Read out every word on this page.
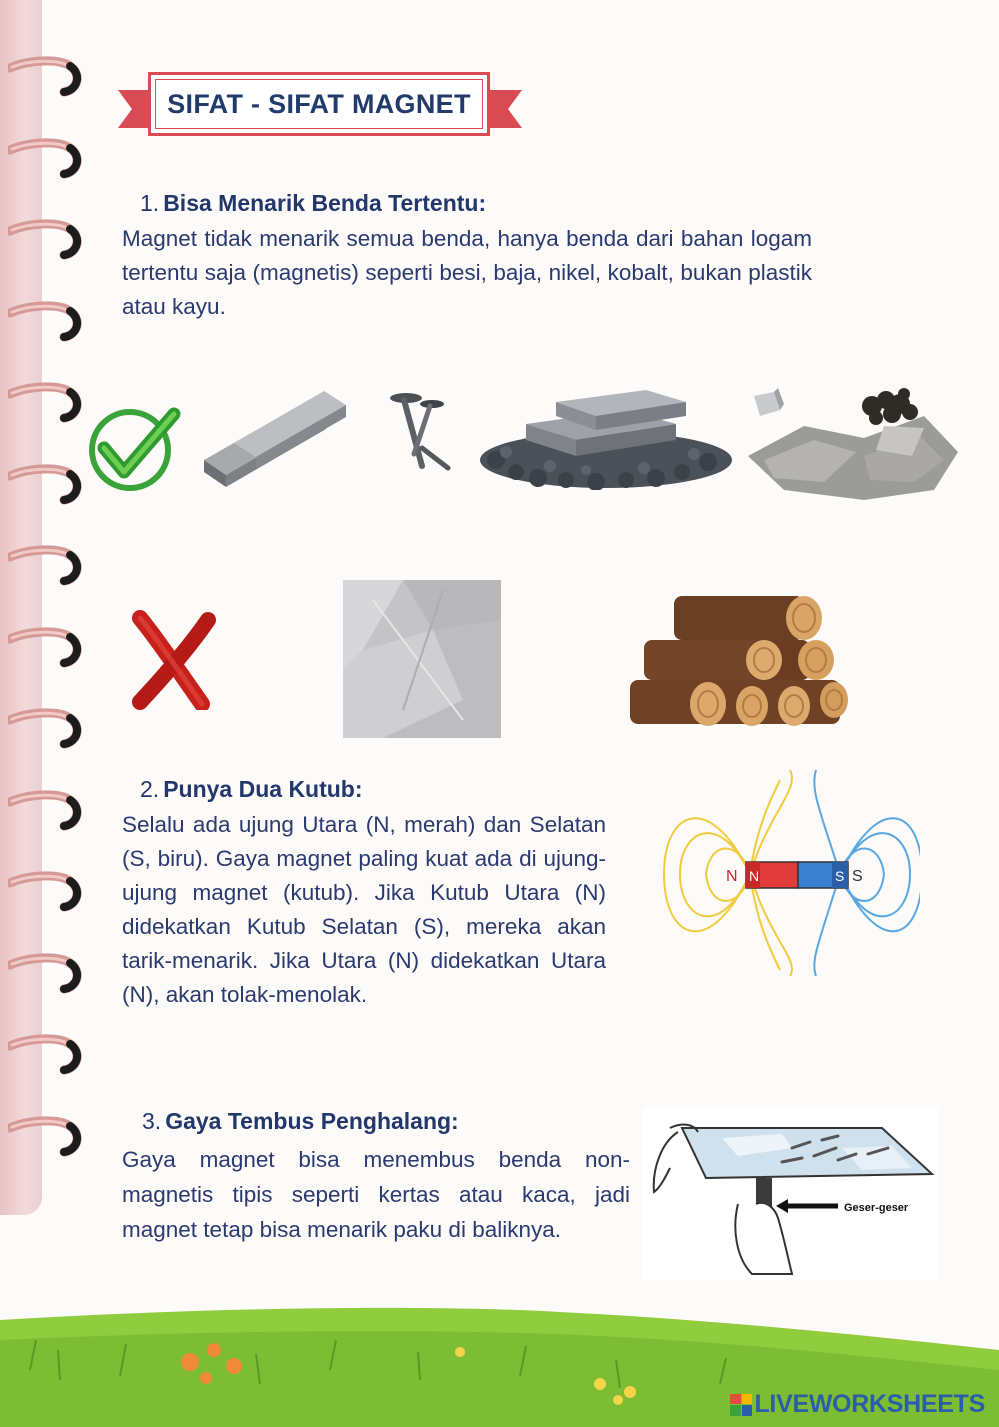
SIFAT - SIFAT MAGNET
1. Bisa Menarik Benda Tertentu:
Magnet tidak menarik semua benda, hanya benda dari bahan logam tertentu saja (magnetis) seperti besi, baja, nikel, kobalt, bukan plastik atau kayu.
2. Punya Dua Kutub:
Selalu ada ujung Utara (N, merah) dan Selatan (S, biru). Gaya magnet paling kuat ada di ujung-ujung magnet (kutub). Jika Kutub Utara (N) didekatkan Kutub Selatan (S), mereka akan tarik-menarik. Jika Utara (N) didekatkan Utara (N), akan tolak-menolak.
N N	S S
3. Gaya Tembus Penghalang:
Gaya magnet bisa menembus benda non-magnetis tipis seperti kertas atau kaca, jadi magnet tetap bisa menarik paku di baliknya.
Geser-geser
LIVEWORKSHEETS
